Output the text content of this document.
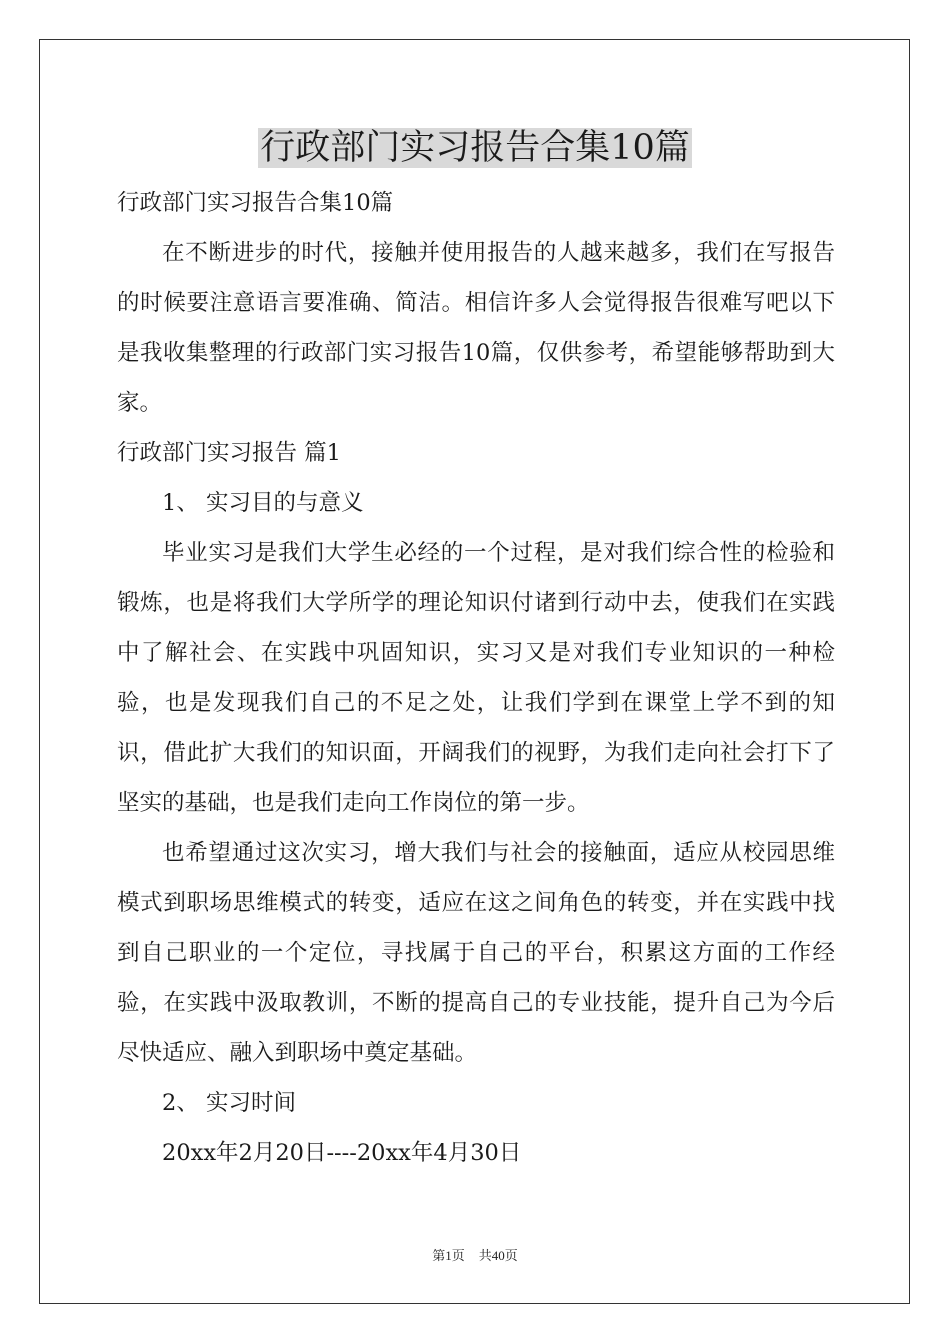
行政部门实习报告合集10篇

行政部门实习报告合集10篇

在不断进步的时代，接触并使用报告的人越来越多，我们在写报告的时候要注意语言要准确、简洁。相信许多人会觉得报告很难写吧以下是我收集整理的行政部门实习报告10篇，仅供参考，希望能够帮助到大家。

行政部门实习报告 篇1

1、 实习目的与意义

毕业实习是我们大学生必经的一个过程，是对我们综合性的检验和锻炼，也是将我们大学所学的理论知识付诸到行动中去，使我们在实践中了解社会、在实践中巩固知识，实习又是对我们专业知识的一种检验，也是发现我们自己的不足之处，让我们学到在课堂上学不到的知识，借此扩大我们的知识面，开阔我们的视野，为我们走向社会打下了坚实的基础，也是我们走向工作岗位的第一步。

也希望通过这次实习，增大我们与社会的接触面，适应从校园思维模式到职场思维模式的转变，适应在这之间角色的转变，并在实践中找到自己职业的一个定位，寻找属于自己的平台，积累这方面的工作经验，在实践中汲取教训，不断的提高自己的专业技能，提升自己为今后尽快适应、融入到职场中奠定基础。

2、 实习时间

20xx年2月20日----20xx年4月30日

第1页 共40页
